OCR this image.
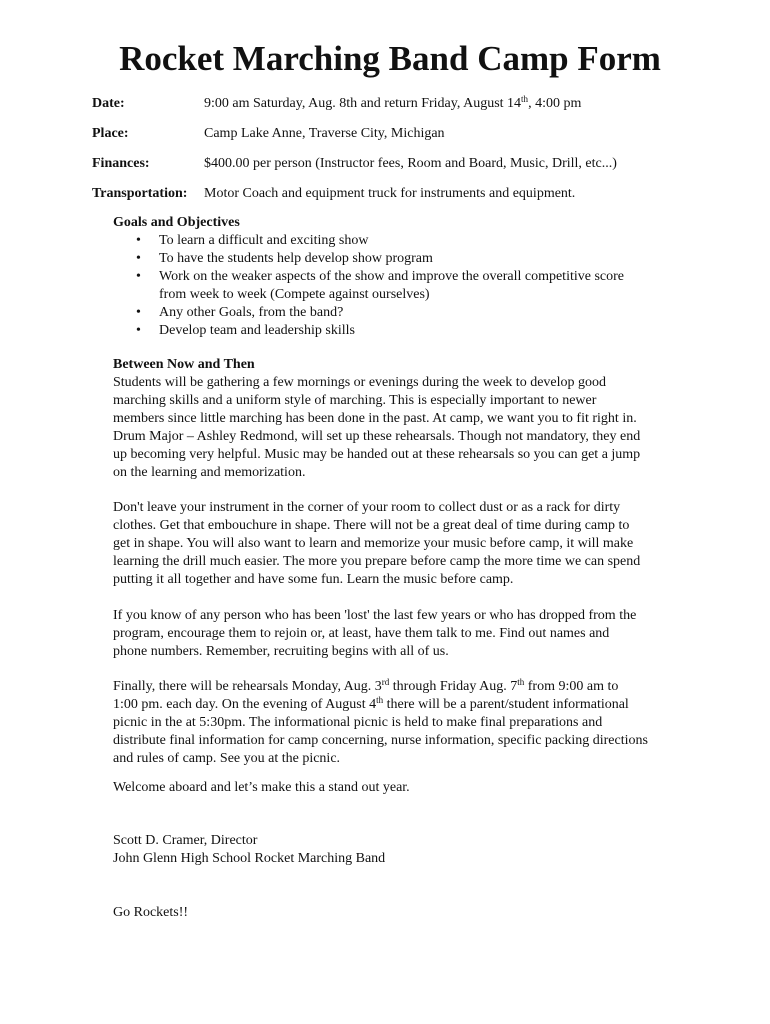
Rocket Marching Band Camp Form
Date:	9:00 am Saturday, Aug. 8th and return Friday, August 14th, 4:00 pm
Place:	Camp Lake Anne, Traverse City, Michigan
Finances:	$400.00 per person (Instructor fees, Room and Board, Music, Drill, etc...)
Transportation: Motor Coach and equipment truck for instruments and equipment.

Goals and Objectives

• To learn a difficult and exciting show
• To have the students help develop show program
• Work on the weaker aspects of the show and improve the overall competitive score
from week to week (Compete against ourselves)
• Any other Goals, from the band?
• Develop team and leadership skills
Between Now and Then
Students will be gathering a few mornings or evenings during the week to develop good
marching skills and a uniform style of marching. This is especially important to newer
members since little marching has been done in the past. At camp, we want you to fit right in.
Drum Major – Ashley Redmond, will set up these rehearsals. Though not mandatory, they end
up becoming very helpful. Music may be handed out at these rehearsals so you can get a jump
on the learning and memorization.
Don't leave your instrument in the corner of your room to collect dust or as a rack for dirty
clothes. Get that embouchure in shape. There will not be a great deal of time during camp to
get in shape. You will also want to learn and memorize your music before camp, it will make
learning the drill much easier. The more you prepare before camp the more time we can spend
putting it all together and have some fun. Learn the music before camp.
If you know of any person who has been 'lost' the last few years or who has dropped from the
program, encourage them to rejoin or, at least, have them talk to me. Find out names and
phone numbers. Remember, recruiting begins with all of us.
Finally, there will be rehearsals Monday, Aug. 3rd through Friday Aug. 7th from 9:00 am to
1:00 pm. each day. On the evening of August 4th there will be a parent/student informational
picnic in the at 5:30pm. The informational picnic is held to make final preparations and
distribute final information for camp concerning, nurse information, specific packing directions
and rules of camp. See you at the picnic.
Welcome aboard and let’s make this a stand out year.
Scott D. Cramer, Director
John Glenn High School Rocket Marching Band
Go Rockets!!
